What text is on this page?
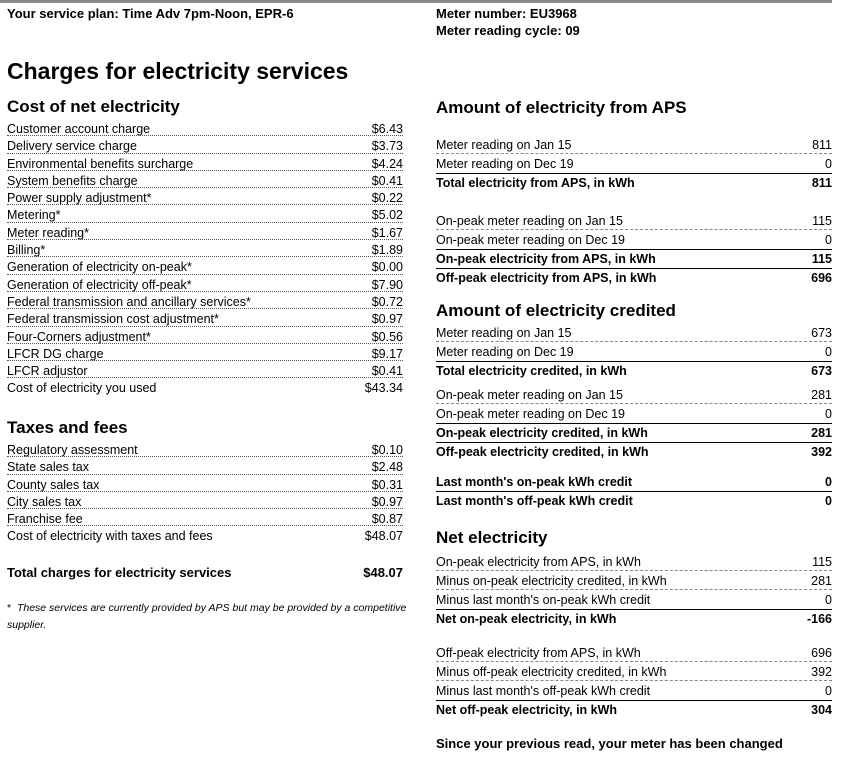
Your service plan: Time Adv 7pm-Noon, EPR-6	Meter number: EU3968
Meter reading cycle: 09
Charges for electricity services
Cost of net electricity
Customer account charge	$6.43
Delivery service charge	$3.73
Environmental benefits surcharge	$4.24
System benefits charge	$0.41
Power supply adjustment*	$0.22
Metering*	$5.02
Meter reading*	$1.67
Billing*	$1.89
Generation of electricity on-peak*	$0.00
Generation of electricity off-peak*	$7.90
Federal transmission and ancillary services*	$0.72
Federal transmission cost adjustment*	$0.97
Four-Corners adjustment*	$0.56
LFCR DG charge	$9.17
LFCR adjustor	$0.41
Cost of electricity you used	$43.34
Taxes and fees
Regulatory assessment	$0.10
State sales tax	$2.48
County sales tax	$0.31
City sales tax	$0.97
Franchise fee	$0.87
Cost of electricity with taxes and fees	$48.07
Total charges for electricity services	$48.07
* These services are currently provided by APS but may be provided by a competitive supplier.
Amount of electricity from APS
Meter reading on Jan 15	811
Meter reading on Dec 19	0
Total electricity from APS, in kWh	811
On-peak meter reading on Jan 15	115
On-peak meter reading on Dec 19	0
On-peak electricity from APS, in kWh	115
Off-peak electricity from APS, in kWh	696
Amount of electricity credited
Meter reading on Jan 15	673
Meter reading on Dec 19	0
Total electricity credited, in kWh	673
On-peak meter reading on Jan 15	281
On-peak meter reading on Dec 19	0
On-peak electricity credited, in kWh	281
Off-peak electricity credited, in kWh	392
Last month's on-peak kWh credit	0
Last month's off-peak kWh credit	0
Net electricity
On-peak electricity from APS, in kWh	115
Minus on-peak electricity credited, in kWh	281
Minus last month's on-peak kWh credit	0
Net on-peak electricity, in kWh	-166
Off-peak electricity from APS, in kWh	696
Minus off-peak electricity credited, in kWh	392
Minus last month's off-peak kWh credit	0
Net off-peak electricity, in kWh	304
Since your previous read, your meter has been changed
